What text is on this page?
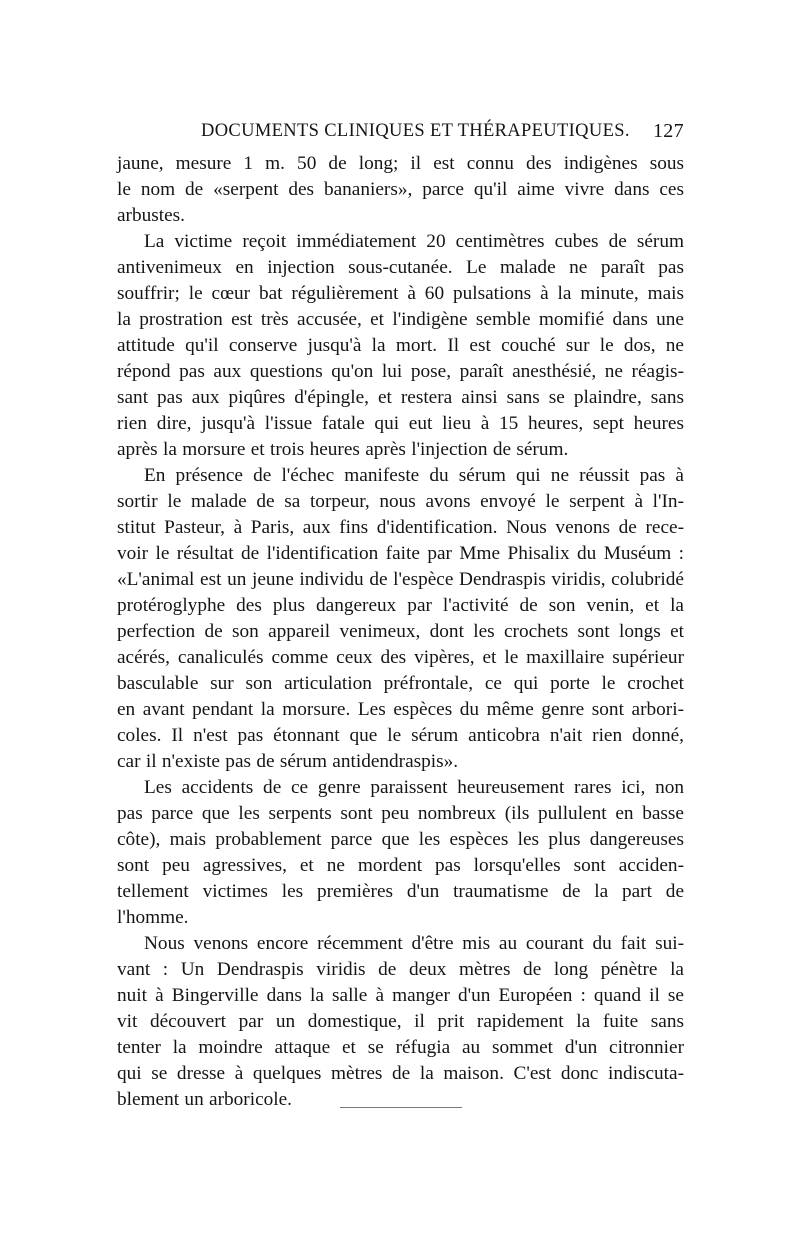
DOCUMENTS CLINIQUES ET THÉRAPEUTIQUES. 127
jaune, mesure 1 m. 50 de long; il est connu des indigènes sous
le nom de «serpent des bananiers», parce qu'il aime vivre dans ces
arbustes.
La victime reçoit immédiatement 20 centimètres cubes de sérum
antivenimeux en injection sous-cutanée. Le malade ne paraît pas
souffrir; le cœur bat régulièrement à 60 pulsations à la minute, mais
la prostration est très accusée, et l'indigène semble momifié dans une
attitude qu'il conserve jusqu'à la mort. Il est couché sur le dos, ne
répond pas aux questions qu'on lui pose, paraît anesthésié, ne réagis-
sant pas aux piqûres d'épingle, et restera ainsi sans se plaindre, sans
rien dire, jusqu'à l'issue fatale qui eut lieu à 15 heures, sept heures
après la morsure et trois heures après l'injection de sérum.
En présence de l'échec manifeste du sérum qui ne réussit pas à
sortir le malade de sa torpeur, nous avons envoyé le serpent à l'In-
stitut Pasteur, à Paris, aux fins d'identification. Nous venons de rece-
voir le résultat de l'identification faite par Mme Phisalix du Muséum :
«L'animal est un jeune individu de l'espèce Dendraspis viridis, colubridé
protéroglyphe des plus dangereux par l'activité de son venin, et la
perfection de son appareil venimeux, dont les crochets sont longs et
acérés, canaliculés comme ceux des vipères, et le maxillaire supérieur
basculable sur son articulation préfrontale, ce qui porte le crochet
en avant pendant la morsure. Les espèces du même genre sont arbori-
coles. Il n'est pas étonnant que le sérum anticobra n'ait rien donné,
car il n'existe pas de sérum antidendraspis».
Les accidents de ce genre paraissent heureusement rares ici, non
pas parce que les serpents sont peu nombreux (ils pullulent en basse
côte), mais probablement parce que les espèces les plus dangereuses
sont peu agressives, et ne mordent pas lorsqu'elles sont acciden-
tellement victimes les premières d'un traumatisme de la part de
l'homme.
Nous venons encore récemment d'être mis au courant du fait sui-
vant : Un Dendraspis viridis de deux mètres de long pénètre la
nuit à Bingerville dans la salle à manger d'un Européen : quand il se
vit découvert par un domestique, il prit rapidement la fuite sans
tenter la moindre attaque et se réfugia au sommet d'un citronnier
qui se dresse à quelques mètres de la maison. C'est donc indiscuta-
blement un arboricole.
